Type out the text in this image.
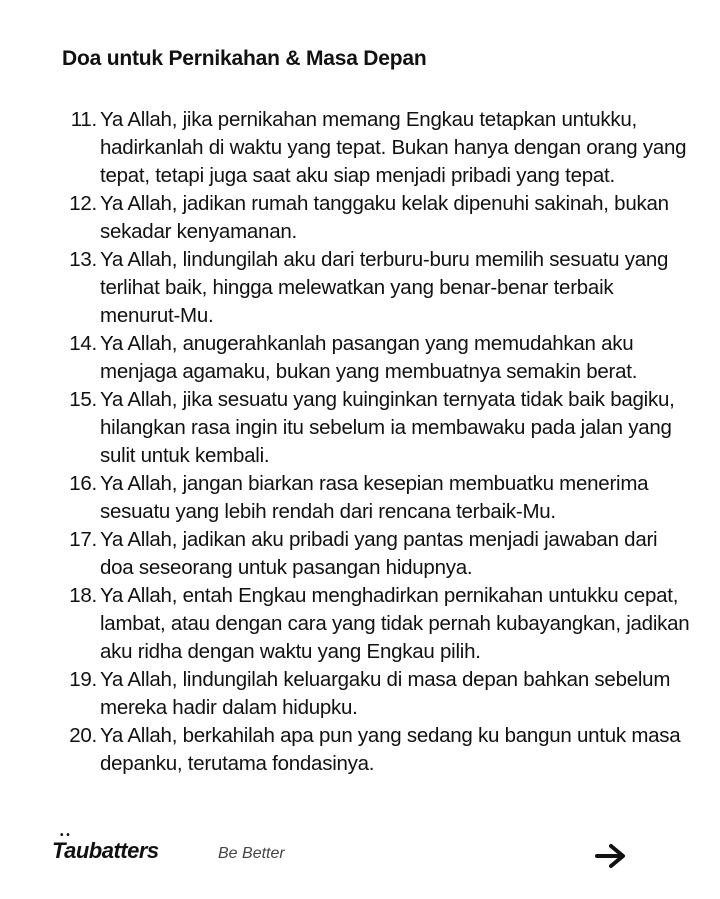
Doa untuk Pernikahan & Masa Depan
11. Ya Allah, jika pernikahan memang Engkau tetapkan untukku, hadirkanlah di waktu yang tepat. Bukan hanya dengan orang yang tepat, tetapi juga saat aku siap menjadi pribadi yang tepat.
12. Ya Allah, jadikan rumah tanggaku kelak dipenuhi sakinah, bukan sekadar kenyamanan.
13. Ya Allah, lindungilah aku dari terburu-buru memilih sesuatu yang terlihat baik, hingga melewatkan yang benar-benar terbaik menurut-Mu.
14. Ya Allah, anugerahkanlah pasangan yang memudahkan aku menjaga agamaku, bukan yang membuatnya semakin berat.
15. Ya Allah, jika sesuatu yang kuinginkan ternyata tidak baik bagiku, hilangkan rasa ingin itu sebelum ia membawaku pada jalan yang sulit untuk kembali.
16. Ya Allah, jangan biarkan rasa kesepian membuatku menerima sesuatu yang lebih rendah dari rencana terbaik-Mu.
17. Ya Allah, jadikan aku pribadi yang pantas menjadi jawaban dari doa seseorang untuk pasangan hidupnya.
18. Ya Allah, entah Engkau menghadirkan pernikahan untukku cepat, lambat, atau dengan cara yang tidak pernah kubayangkan, jadikan aku ridha dengan waktu yang Engkau pilih.
19. Ya Allah, lindungilah keluargaku di masa depan bahkan sebelum mereka hadir dalam hidupku.
20. Ya Allah, berkahilah apa pun yang sedang ku bangun untuk masa depanku, terutama fondasinya.
• •
Taubatters	Be Better
